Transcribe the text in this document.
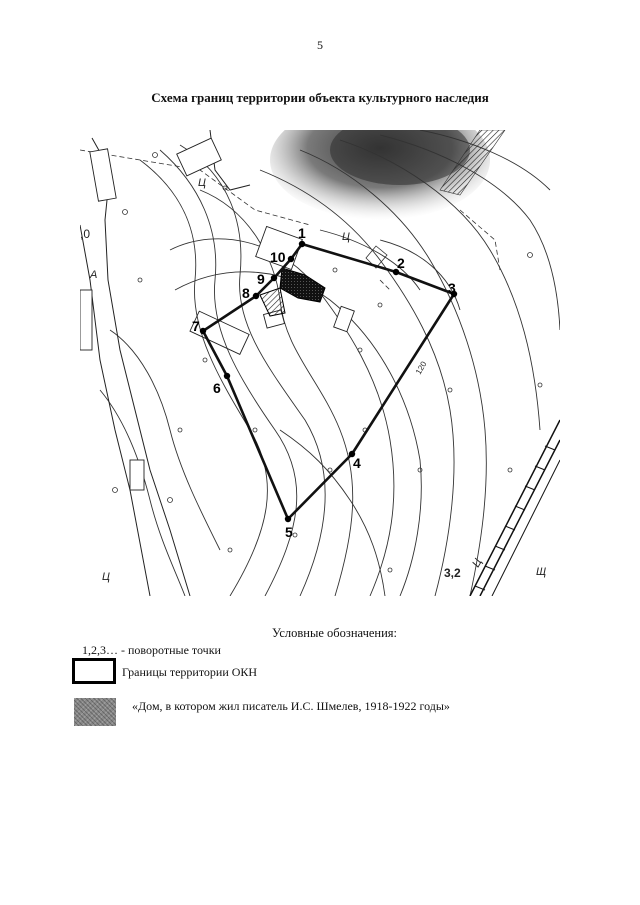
5
Схема границ территории объекта культурного наследия
1
2
3
4
5
6
7
8
9
10
,0
А
Ц
Ц
Ц
Ц
Щ
3,2
120
Условные обозначения:
1,2,3… - поворотные точки
Границы территории ОКН
«Дом, в котором жил писатель И.С. Шмелев, 1918-1922 годы»
